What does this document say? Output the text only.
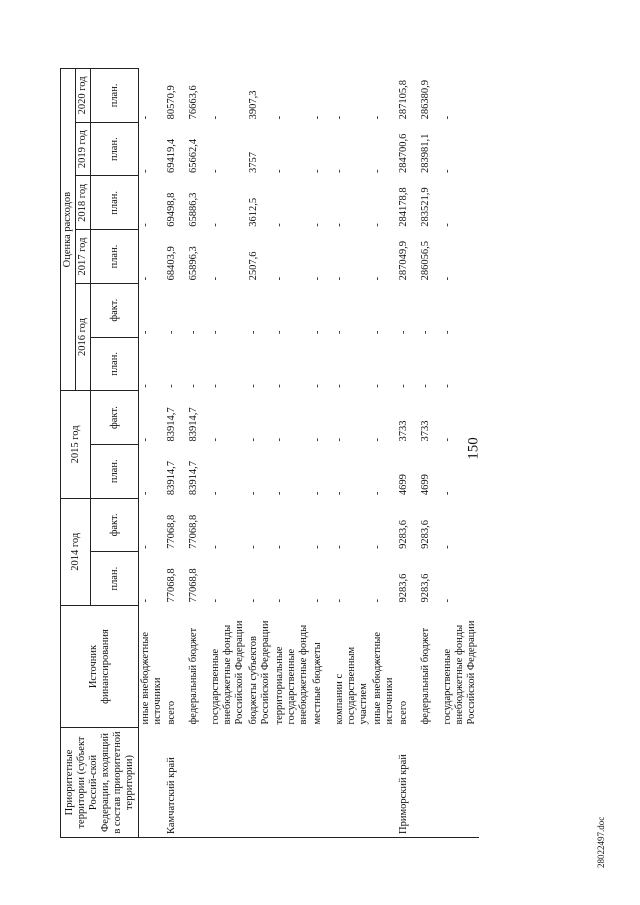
150
28022497.doc
Приоритетные территории (субъект Россий-ской Федерации, входящий в состав приоритетной территории)	Источник финансирования	2014 год		2015 год		Оценка расходов					
						2016 год		2017 год	2018 год	2019 год	2020 год
		план.	факт.	план.	факт.	план.	факт.	план.	план.	план.	план.
	иные внебюджетные источники	-	-	-	-	-	-	-	-	-	-
Камчатский край	всего	77068,8	77068,8	83914,7	83914,7	-	-	68403,9	69498,8	69419,4	80570,9
	федеральный бюджет	77068,8	77068,8	83914,7	83914,7	-	-	65896,3	65886,3	65662,4	76663,6
	государственные внебюджетные фонды Российской Федерации	-	-	-	-	-	-	-	-	-	-
	бюджеты субъектов Российской Федерации	-	-	-	-	-	-	2507,6	3612,5	3757	3907,3
	территориальные государственные внебюджетные фонды	-	-	-	-	-	-	-	-	-	-
	местные бюджеты	-	-	-	-	-	-	-	-	-	-
	компании с государственным участием	-	-	-	-	-	-	-	-	-	-
	иные внебюджетные источники	-	-	-	-	-	-	-	-	-	-
Приморский край	всего	9283,6	9283,6	4699	3733	-	-	287049,9	284178,8	284700,6	287105,8
	федеральный бюджет	9283,6	9283,6	4699	3733	-	-	286056,5	283521,9	283981,1	286380,9
	государственные внебюджетные фонды Российской Федерации	-	-	-	-	-	-	-	-	-	-
